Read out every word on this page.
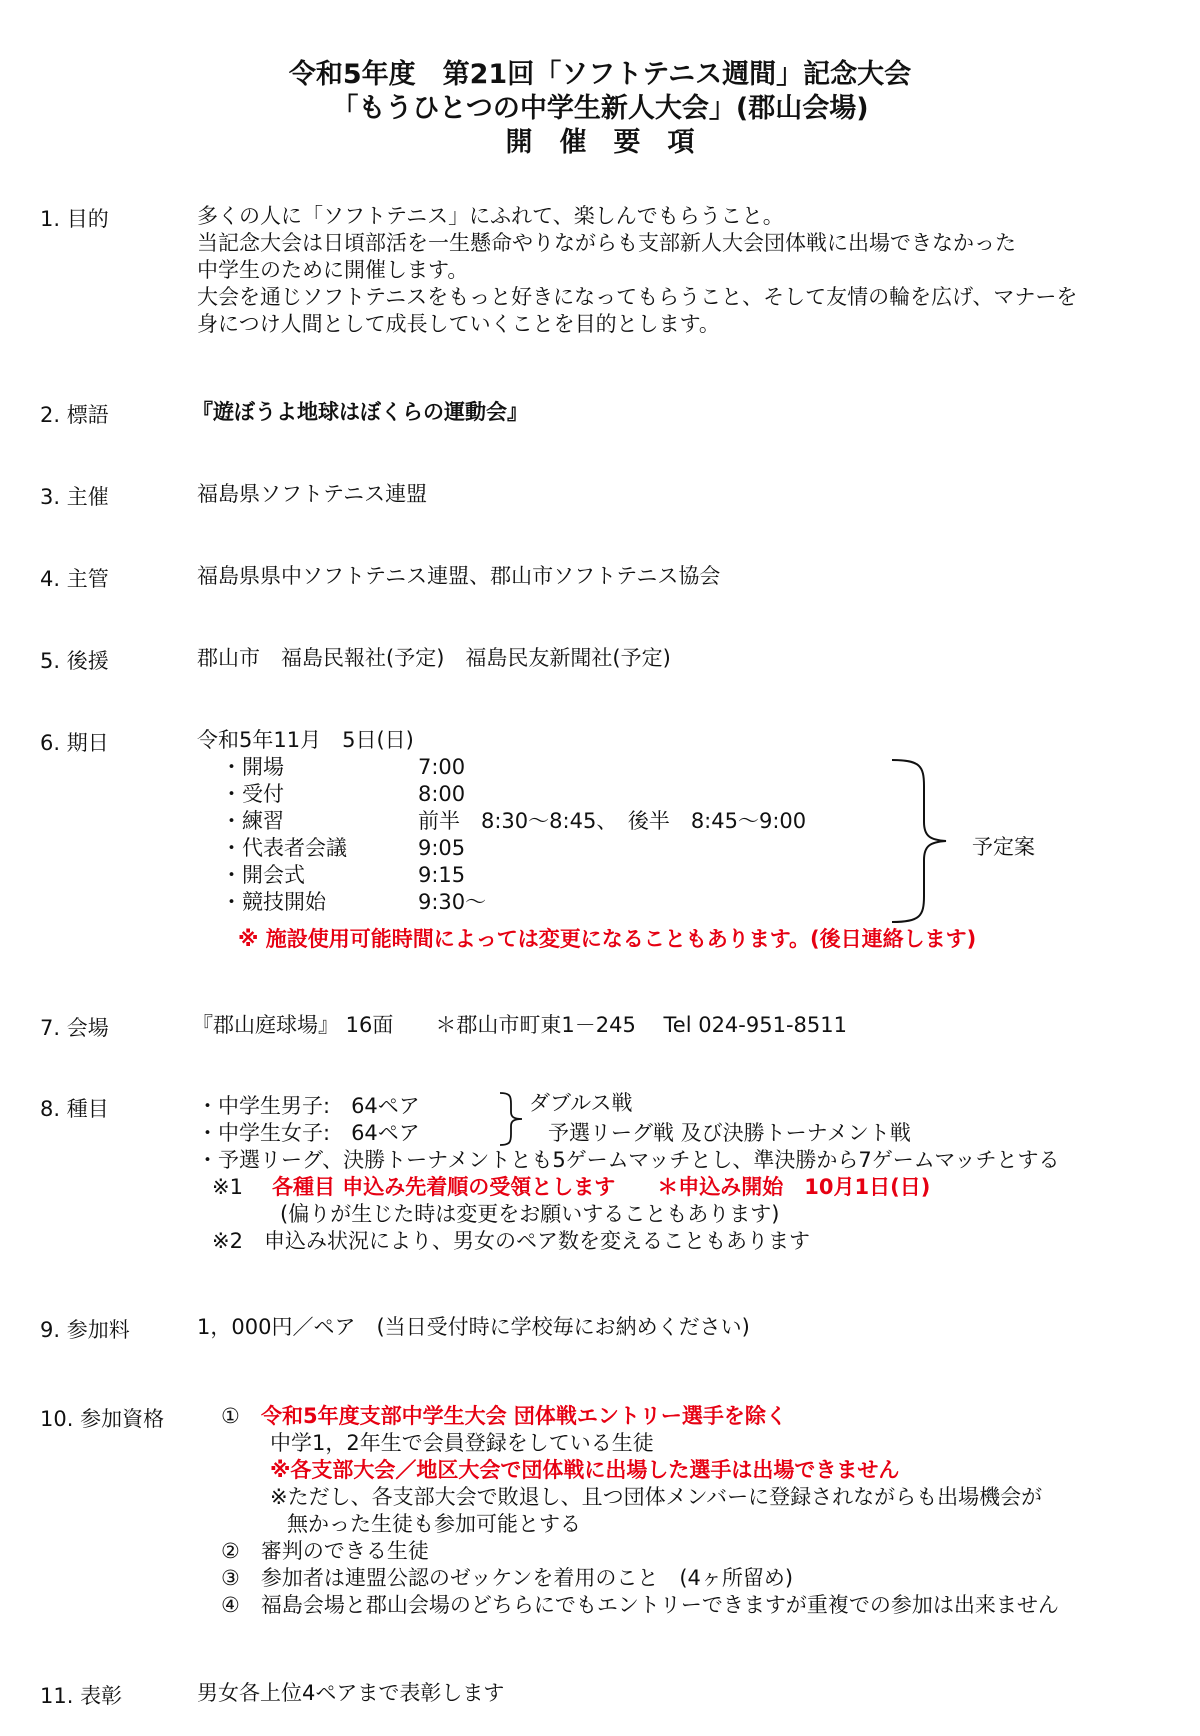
令和5年度　第21回「ソフトテニス週間」記念大会
「もうひとつの中学生新人大会」(郡山会場)
開　催　要　項
1. 目的	多くの人に「ソフトテニス」にふれて、楽しんでもらうこと。
当記念大会は日頃部活を一生懸命やりながらも支部新人大会団体戦に出場できなかった
中学生のために開催します。
大会を通じソフトテニスをもっと好きになってもらうこと、そして友情の輪を広げ、マナーを
身につけ人間として成長していくことを目的とします。
2. 標語	『遊ぼうよ地球はぼくらの運動会』
3. 主催	福島県ソフトテニス連盟
4. 主管	福島県県中ソフトテニス連盟、郡山市ソフトテニス協会
5. 後援	郡山市　福島民報社(予定)　福島民友新聞社(予定)
6. 期日	令和5年11月　5日(日)
・開場	7:00
・受付	8:00
・練習	前半　8:30〜8:45、　後半　8:45〜9:00
・代表者会議	9:05
・開会式	9:15
・競技開始	9:30〜
予定案
※ 施設使用可能時間によっては変更になることもあります。(後日連絡します)
7. 会場	『郡山庭球場』 16面　　＊郡山市町東1－245　 Tel 024-951-8511
8. 種目	・中学生男子:　64ペア
・中学生女子:　64ペア
ダブルス戦
予選リーグ戦 及び決勝トーナメント戦
・予選リーグ、決勝トーナメントとも5ゲームマッチとし、準決勝から7ゲームマッチとする
※1 各種目 申込み先着順の受領とします　　＊申込み開始　10月1日(日)
(偏りが生じた時は変更をお願いすることもあります)
※2　申込み状況により、男女のペア数を変えることもあります
9. 参加料	1，000円／ペア　(当日受付時に学校毎にお納めください)
10. 参加資格	① 令和5年度支部中学生大会 団体戦エントリー選手を除く
中学1，2年生で会員登録をしている生徒
※各支部大会／地区大会で団体戦に出場した選手は出場できません
※ただし、各支部大会で敗退し、且つ団体メンバーに登録されながらも出場機会が
無かった生徒も参加可能とする
②　審判のできる生徒
③　参加者は連盟公認のゼッケンを着用のこと　(4ヶ所留め)
④　福島会場と郡山会場のどちらにでもエントリーできますが重複での参加は出来ません
11. 表彰	男女各上位4ペアまで表彰します
